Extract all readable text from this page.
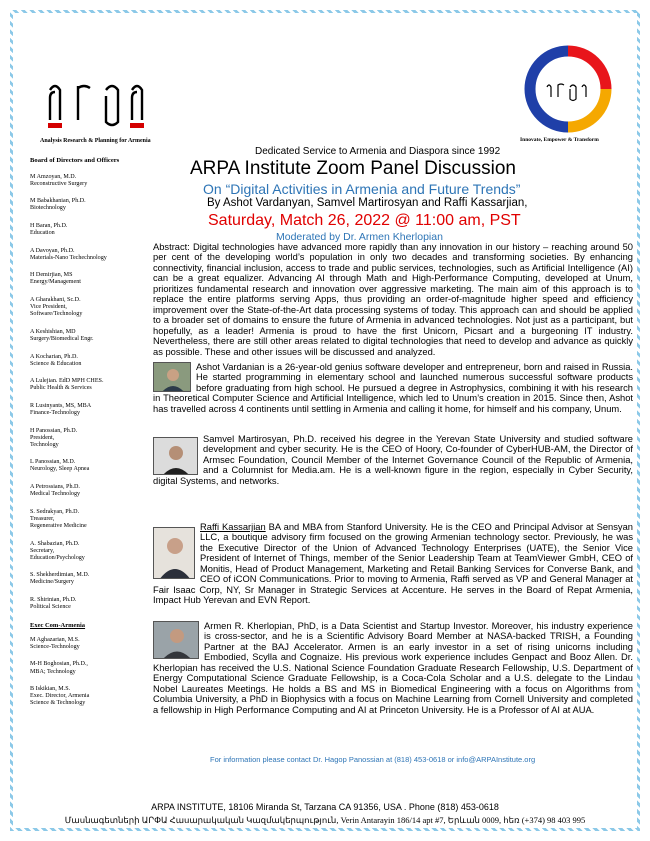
Analysis Research & Planning for Armenia	Innovate, Empower & Transform
Board of Directors and Officers
M Amzoyan, M.D.
Reconstructive Surgery
M Babakhanian, Ph.D.
Biotechnology
H Baran, Ph.D.
Education
A Davoyan, Ph.D.
Materials-Nano Techechnology
H Demirjian, MS
Energy/Management
A Gharakhani, Sc.D.
Vice President,
Software/Technology
A Keshishian, MD
Surgery/Biomedical Engr.
A Kocharian, Ph.D.
Science & Education
A Lulejian. EdD MPH CHES.
Public Health & Services
R Lusinyants, MS, MBA
Finance-Technology
H Panossian, Ph.D.
President,
Technology
L Panossian, M.D.
Neurology, Sleep Apnea
A Petrossians, Ph.D.
Medical Technology
S. Sedrakyan, Ph.D.
Treasurer,
Regenerative Medicine
A. Shabazian, Ph.D.
Secretary,
Education/Psychology
S. Shekherdimian, M.D.
Medicine/Surgery
R. Shirinian, Ph.D.
Political Science
Exec Com-Armenia
M Aghazarian, M.S.
Science-Technology
M-H Boghosian, Ph.D.,
MBA; Technology
B Iskikian, M.S.
Exec. Director, Armenia
Science & Technology
Dedicated Service to Armenia and Diaspora since 1992
ARPA Institute Zoom Panel Discussion
On “Digital Activities in Armenia and Future Trends”
By Ashot Vardanyan, Samvel Martirosyan and Raffi Kassarjian,
Saturday, Match 26, 2022 @ 11:00 am, PST
Moderated by Dr. Armen Kherlopian
Abstract: Digital technologies have advanced more rapidly than any innovation in our history – reaching around 50 per cent of the developing world’s population in only two decades and transforming societies. By enhancing connectivity, financial inclusion, access to trade and public services, technologies, such as Artificial Intelligence (AI) can be a great equalizer. Advancing AI through Math and High-Performance Computing, developed at Unum, prioritizes fundamental research and innovation over aggressive marketing. The main aim of this approach is to replace the entire platforms serving Apps, thus providing an order-of-magnitude higher speed and efficiency improvement over the State-of-the-Art data processing systems of today. This approach can and should be applied to a broader set of domains to ensure the future of Armenia in advanced technologies. Not just as a participant, but hopefully, as a leader! Armenia is proud to have the first Unicorn, Picsart and a burgeoning IT industry. Nevertheless, there are still other areas related to digital technologies that need to develop and advance as quickly as possible. These and other issues will be discussed and analyzed.

Ashot Vardanian is a 26-year-old genius software developer and entrepreneur, born and raised in Russia. He started programming in elementary school and launched numerous successful software products before graduating from high school. He pursued a degree in Astrophysics, combining it with his research in Theoretical Computer Science and Artificial Intelligence, which led to Unum’s creation in 2015. Since then, Ashot has travelled across 4 continents until settling in Armenia and calling it home, for himself and his company, Unum.

Samvel Martirosyan, Ph.D. received his degree in the Yerevan State University and studied software development and cyber security. He is the CEO of Hoory, Co-founder of CyberHUB-AM, the Director of Armsec Foundation, Council Member of the Internet Governance Council of the Republic of Armenia, and a Columnist for Media.am. He is a well-known figure in the region, especially in Cyber Security, digital Systems, and networks.

Raffi Kassarjian BA and MBA from Stanford University. He is the CEO and Principal Advisor at Sensyan LLC, a boutique advisory firm focused on the growing Armenian technology sector. Previously, he was the Executive Director of the Union of Advanced Technology Enterprises (UATE), the Senior Vice President of Internet of Things, member of the Senior Leadership Team at TeamViewer GmbH, CEO of Monitis, Head of Product Management, Marketing and Retail Banking Services for Converse Bank, and CEO of iCON Communications. Prior to moving to Armenia, Raffi served as VP and General Manager at Fair Isaac Corp, NY, Sr Manager in Strategic Services at Accenture. He serves in the Board of Repat Armenia, Impact Hub Yerevan and EVN Report.

Armen R. Kherlopian, PhD, is a Data Scientist and Startup Investor. Moreover, his industry experience is cross-sector, and he is a Scientific Advisory Board Member at NASA-backed TRISH, a Founding Partner at the BAJ Accelerator. Armen is an early investor in a set of rising unicorns including Embodied, Scylla and Cognaize. His previous work experience includes Genpact and Booz Allen. Dr. Kherlopian has received the U.S. National Science Foundation Graduate Research Fellowship, U.S. Department of Energy Computational Science Graduate Fellowship, is a Coca-Cola Scholar and a U.S. delegate to the Lindau Nobel Laureates Meetings. He holds a BS and MS in Biomedical Engineering with a focus on Algorithms from Columbia University, a PhD in Biophysics with a focus on Machine Learning from Cornell University and completed a fellowship in High Performance Computing and AI at Princeton University. He is a Professor of AI at AUA.

For information please contact Dr. Hagop Panossian at (818) 453-0618 or info@ARPAInstitute.org
ARPA INSTITUTE, 18106 Miranda St, Tarzana CA 91356, USA . Phone (818) 453-0618
Մասնագետների ԱՐՓԱ Հասարակական Կազմակերպություն, Verin Antarayin 186/14 apt #7, Երևան 0009, հեռ (+374) 98 403 995
